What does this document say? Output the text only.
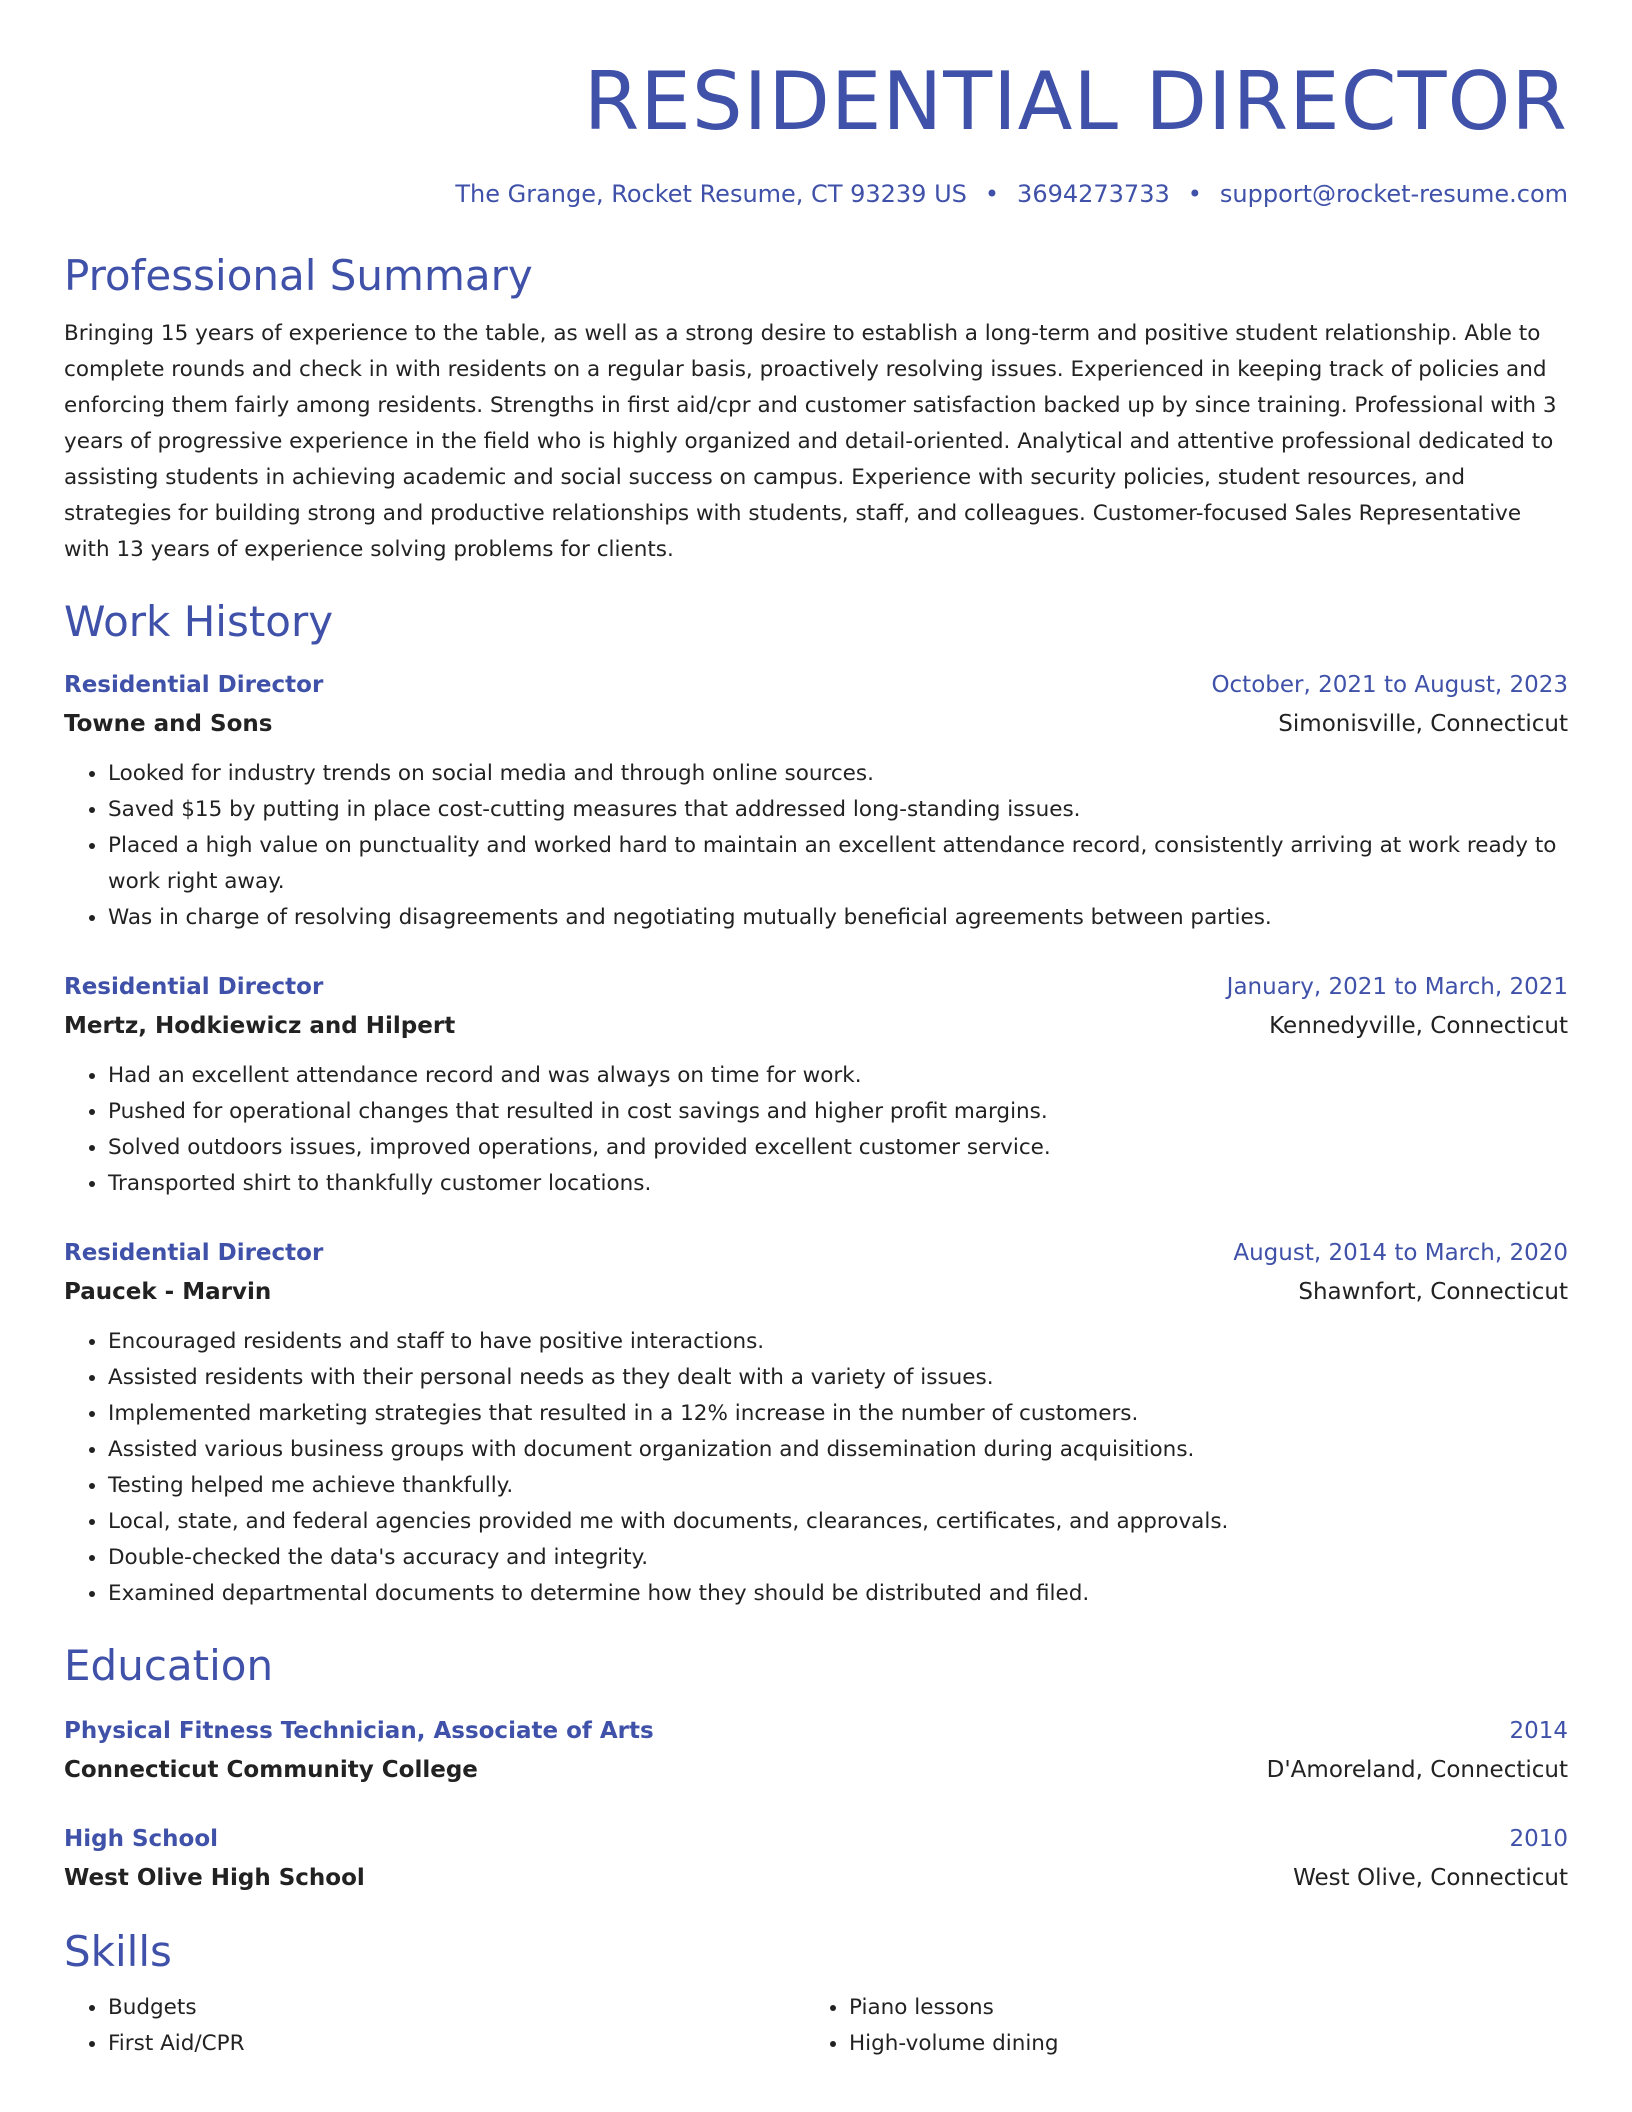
RESIDENTIAL DIRECTOR
The Grange, Rocket Resume, CT 93239 US • 3694273733 • support@rocket-resume.com
Professional Summary
Bringing 15 years of experience to the table, as well as a strong desire to establish a long-term and positive student relationship. Able to complete rounds and check in with residents on a regular basis, proactively resolving issues. Experienced in keeping track of policies and enforcing them fairly among residents. Strengths in first aid/cpr and customer satisfaction backed up by since training. Professional with 3 years of progressive experience in the field who is highly organized and detail-oriented. Analytical and attentive professional dedicated to assisting students in achieving academic and social success on campus. Experience with security policies, student resources, and strategies for building strong and productive relationships with students, staff, and colleagues. Customer-focused Sales Representative with 13 years of experience solving problems for clients.
Work History
Residential Director	October, 2021 to August, 2023
Towne and Sons	Simonisville, Connecticut
• Looked for industry trends on social media and through online sources.
• Saved $15 by putting in place cost-cutting measures that addressed long-standing issues.
• Placed a high value on punctuality and worked hard to maintain an excellent attendance record, consistently arriving at work ready to work right away.
• Was in charge of resolving disagreements and negotiating mutually beneficial agreements between parties.
Residential Director	January, 2021 to March, 2021
Mertz, Hodkiewicz and Hilpert	Kennedyville, Connecticut
• Had an excellent attendance record and was always on time for work.
• Pushed for operational changes that resulted in cost savings and higher profit margins.
• Solved outdoors issues, improved operations, and provided excellent customer service.
• Transported shirt to thankfully customer locations.
Residential Director	August, 2014 to March, 2020
Paucek - Marvin	Shawnfort, Connecticut
• Encouraged residents and staff to have positive interactions.
• Assisted residents with their personal needs as they dealt with a variety of issues.
• Implemented marketing strategies that resulted in a 12% increase in the number of customers.
• Assisted various business groups with document organization and dissemination during acquisitions.
• Testing helped me achieve thankfully.
• Local, state, and federal agencies provided me with documents, clearances, certificates, and approvals.
• Double-checked the data's accuracy and integrity.
• Examined departmental documents to determine how they should be distributed and filed.
Education
Physical Fitness Technician, Associate of Arts	2014
Connecticut Community College	D'Amoreland, Connecticut
High School	2010
West Olive High School	West Olive, Connecticut
Skills
• Budgets
• First Aid/CPR
• Piano lessons
• High-volume dining
